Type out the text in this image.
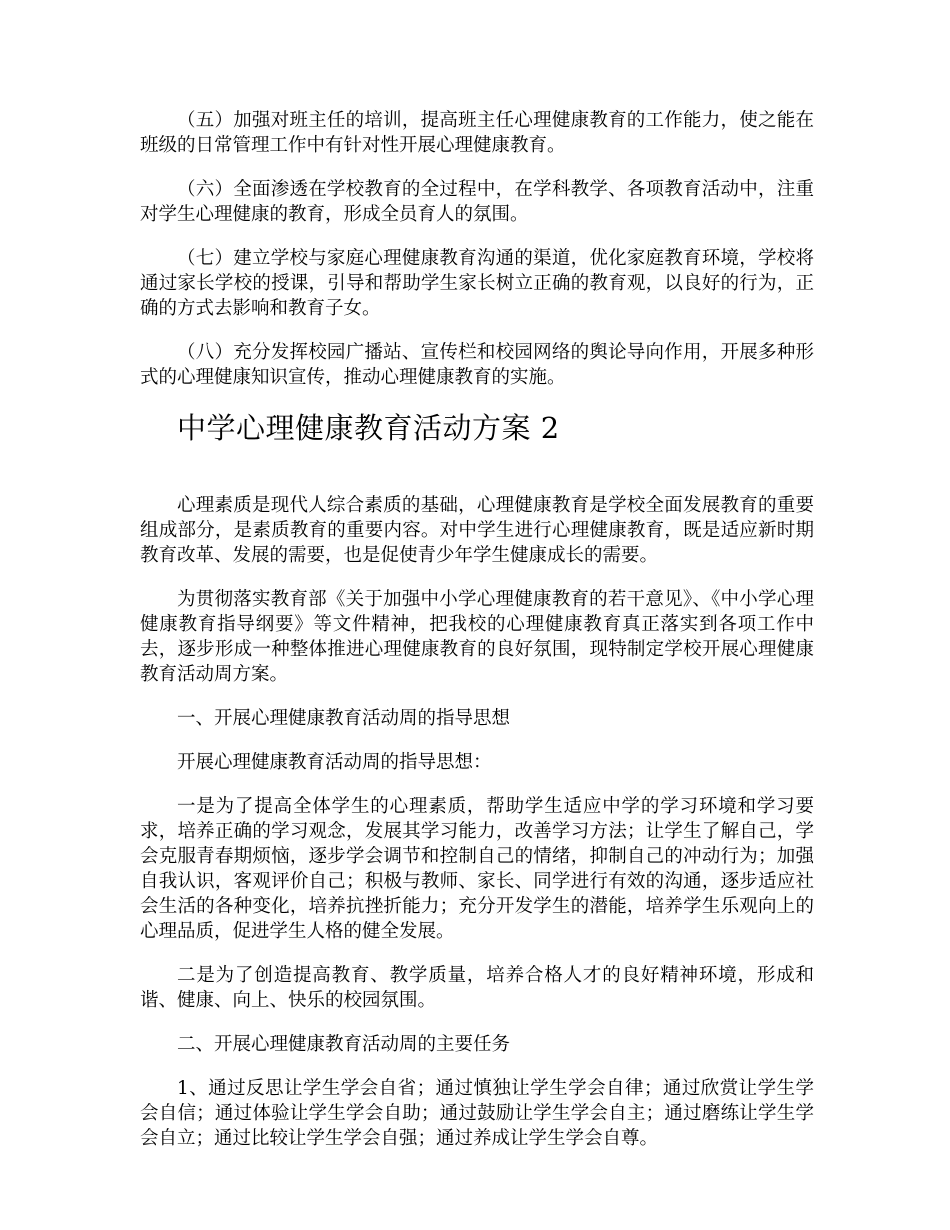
（五）加强对班主任的培训，提高班主任心理健康教育的工作能力，使之能在班级的日常管理工作中有针对性开展心理健康教育。

（六）全面渗透在学校教育的全过程中，在学科教学、各项教育活动中，注重对学生心理健康的教育，形成全员育人的氛围。

（七）建立学校与家庭心理健康教育沟通的渠道，优化家庭教育环境，学校将通过家长学校的授课，引导和帮助学生家长树立正确的教育观，以良好的行为，正确的方式去影响和教育子女。

（八）充分发挥校园广播站、宣传栏和校园网络的舆论导向作用，开展多种形式的心理健康知识宣传，推动心理健康教育的实施。

中学心理健康教育活动方案 2

心理素质是现代人综合素质的基础，心理健康教育是学校全面发展教育的重要组成部分，是素质教育的重要内容。对中学生进行心理健康教育，既是适应新时期教育改革、发展的需要，也是促使青少年学生健康成长的需要。

为贯彻落实教育部《关于加强中小学心理健康教育的若干意见》、《中小学心理健康教育指导纲要》等文件精神，把我校的心理健康教育真正落实到各项工作中去，逐步形成一种整体推进心理健康教育的良好氛围，现特制定学校开展心理健康教育活动周方案。

一、开展心理健康教育活动周的指导思想

开展心理健康教育活动周的指导思想：

一是为了提高全体学生的心理素质，帮助学生适应中学的学习环境和学习要求，培养正确的学习观念，发展其学习能力，改善学习方法；让学生了解自己，学会克服青春期烦恼，逐步学会调节和控制自己的情绪，抑制自己的冲动行为；加强自我认识，客观评价自己；积极与教师、家长、同学进行有效的沟通，逐步适应社会生活的各种变化，培养抗挫折能力；充分开发学生的潜能，培养学生乐观向上的心理品质，促进学生人格的健全发展。

二是为了创造提高教育、教学质量，培养合格人才的良好精神环境，形成和谐、健康、向上、快乐的校园氛围。

二、开展心理健康教育活动周的主要任务

1、通过反思让学生学会自省；通过慎独让学生学会自律；通过欣赏让学生学会自信；通过体验让学生学会自助；通过鼓励让学生学会自主；通过磨练让学生学会自立；通过比较让学生学会自强；通过养成让学生学会自尊。
